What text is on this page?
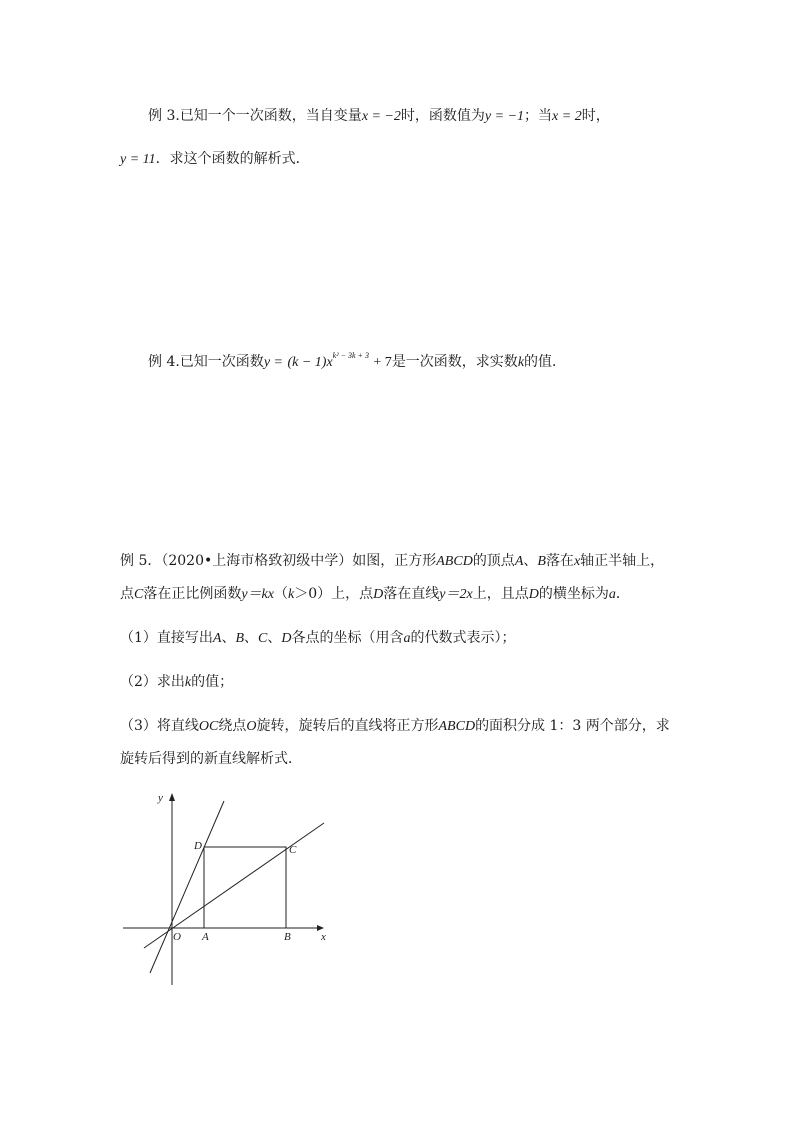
例 3.已知一个一次函数，当自变量x = −2时，函数值为y = −1；当x = 2时，
y = 11．求这个函数的解析式．
例 4.已知一次函数$y = (k - 1)x^{k^2 - 3k + 3} + 7$是一次函数，求实数k的值．
例 5．（2020•上海市格致初级中学）如图，正方形ABCD的顶点A、B落在x轴正半轴上，
点C落在正比例函数y＝kx（k＞0）上，点D落在直线y＝2x上，且点D的横坐标为a．
（1）直接写出A、B、C、D各点的坐标（用含a的代数式表示）；
（2）求出k的值；
（3）将直线OC绕点O旋转，旋转后的直线将正方形ABCD的面积分成 1：3 两个部分，求
旋转后得到的新直线解析式．
y
x
O A	B
C
D
